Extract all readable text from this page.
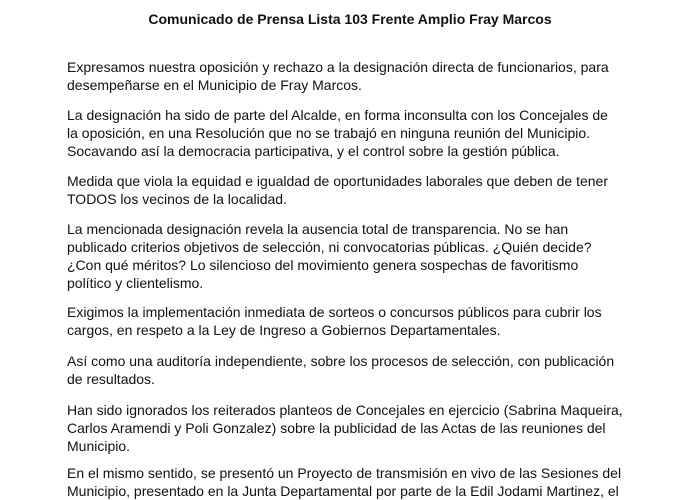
Comunicado de Prensa Lista 103 Frente Amplio Fray Marcos

Expresamos nuestra oposición y rechazo a la designación directa de funcionarios, para
desempeñarse en el Municipio de Fray Marcos.

La designación ha sido de parte del Alcalde, en forma inconsulta con los Concejales de
la oposición, en una Resolución que no se trabajó en ninguna reunión del Municipio.
Socavando así la democracia participativa, y el control sobre la gestión pública.

Medida que viola la equidad e igualdad de oportunidades laborales que deben de tener
TODOS los vecinos de la localidad.

La mencionada designación revela la ausencia total de transparencia. No se han
publicado criterios objetivos de selección, ni convocatorias públicas. ¿Quién decide?
¿Con qué méritos? Lo silencioso del movimiento genera sospechas de favoritismo
político y clientelismo.

Exigimos la implementación inmediata de sorteos o concursos públicos para cubrir los
cargos, en respeto a la Ley de Ingreso a Gobiernos Departamentales.

Así como una auditoría independiente, sobre los procesos de selección, con publicación
de resultados.

Han sido ignorados los reiterados planteos de Concejales en ejercicio (Sabrina Maqueira,
Carlos Aramendi y Poli Gonzalez) sobre la publicidad de las Actas de las reuniones del
Municipio.

En el mismo sentido, se presentó un Proyecto de transmisión en vivo de las Sesiones del
Municipio, presentado en la Junta Departamental por parte de la Edil Jodami Martinez, el
